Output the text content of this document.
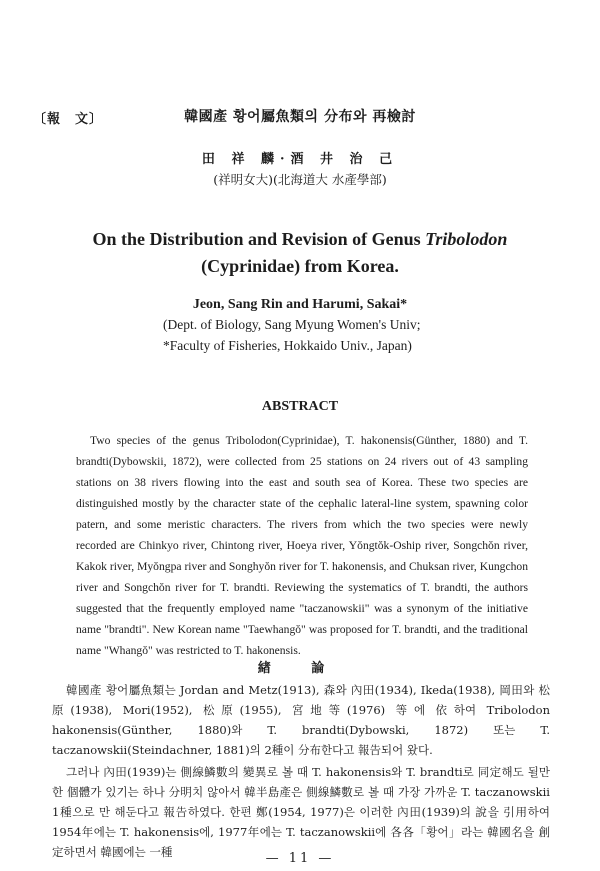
〔報　文〕	韓國產 황어屬魚類의 分布와 再檢討
田 祥 麟·酒 井 治 己
(祥明女大)(北海道大 水產學部)
On the Distribution and Revision of Genus Tribolodon
(Cyprinidae) from Korea.
Jeon, Sang Rin and Harumi, Sakai*
(Dept. of Biology, Sang Myung Women's Univ;
*Faculty of Fisheries, Hokkaido Univ., Japan)
ABSTRACT

Two species of the genus Tribolodon(Cyprinidae), T. hakonensis(Günther, 1880) and T. brandti(Dybowskii, 1872), were collected from 25 stations on 24 rivers out of 43 sampling stations on 38 rivers flowing into the east and south sea of Korea. These two species are distinguished mostly by the character state of the cephalic lateral-line system, spawning color patern, and some meristic characters. The rivers from which the two species were newly recorded are Chinkyo river, Chintong river, Hoeya river, Yŏngtŏk-Oship river, Songchŏn river, Kakok river, Myŏngpa river and Songhyŏn river for T. hakonensis, and Chuksan river, Kungchon river and Songchŏn river for T. brandti. Reviewing the systematics of T. brandti, the authors suggested that the frequently employed name "taczanowskii" was a synonym of the initiative name "brandti". New Korean name "Taewhangŏ" was proposed for T. brandti, and the traditional name "Whangŏ" was restricted to T. hakonensis.

緖 論

韓國產 황어屬魚類는 Jordan and Metz(1913), 森와 內田(1934), Ikeda(1938), 岡田와 松原(1938), Mori(1952), 松原(1955), 宮地等(1976) 等에 依하여 Tribolodon hakonensis(Günther, 1880)와 T. brandti(Dybowski, 1872) 또는 T. taczanowskii(Steindachner, 1881)의 2種이 分布한다고 報告되어 왔다.

그러나 內田(1939)는 側線鱗數의 變異로 볼 때 T. hakonensis와 T. brandti로 同定해도 될만한 個體가 있기는 하나 分明치 않아서 韓半島產은 側線鱗數로 볼 때 가장 가까운 T. taczanowskii 1種으로 만 해둔다고 報告하였다. 한편 鄭(1954, 1977)은 이러한 內田(1939)의 說을 引用하여 1954年에는 T. hakonensis에, 1977年에는 T. taczanowskii에 各各「황어」라는 韓國名을 創定하면서 韓國에는 一種	— 11 —
